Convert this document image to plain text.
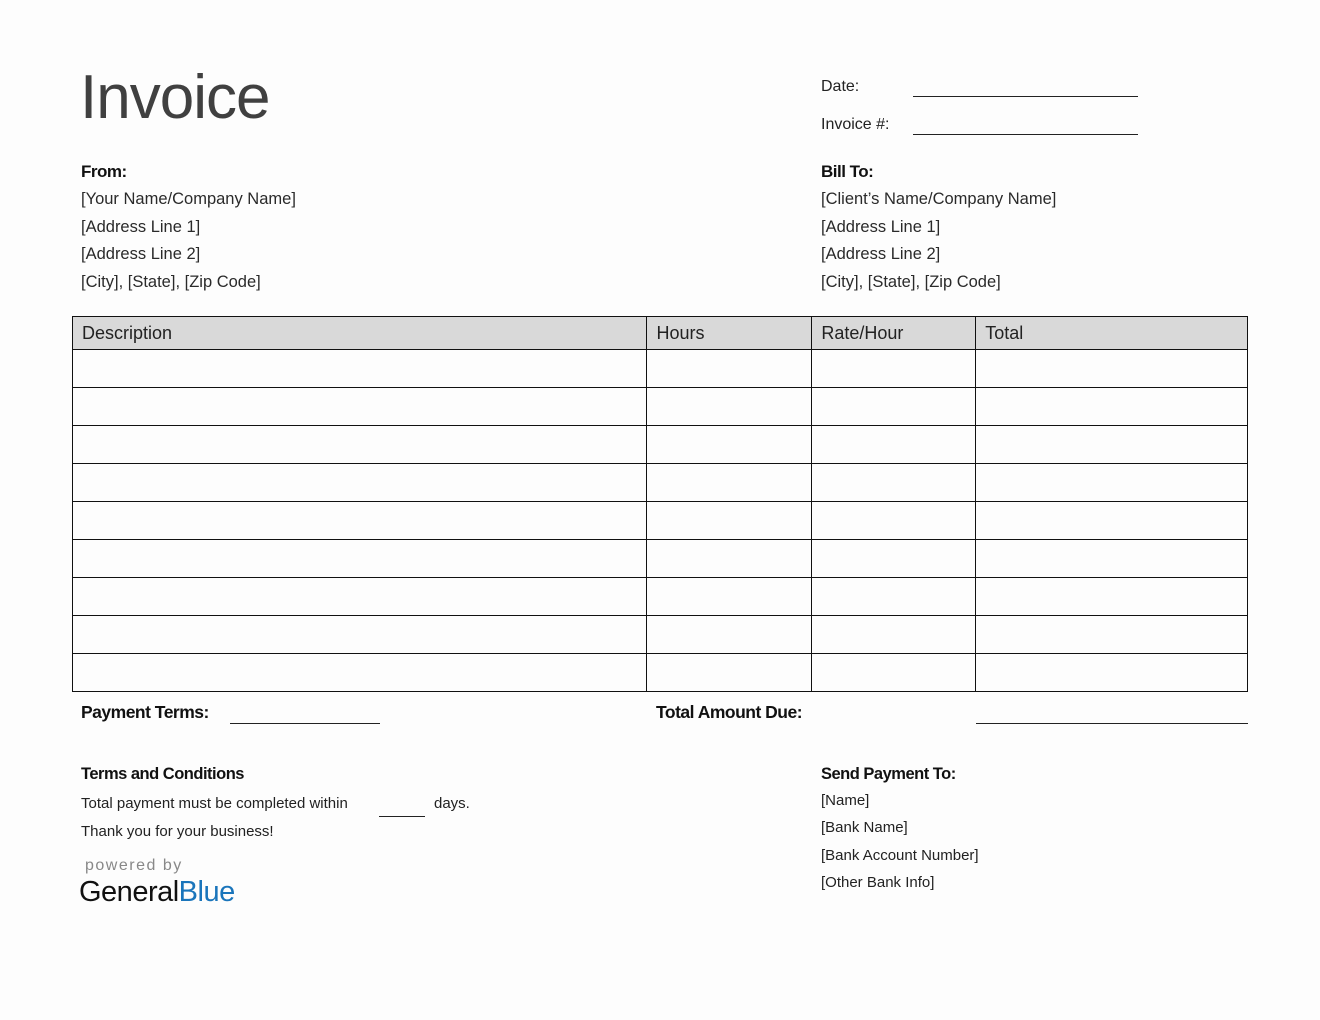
Invoice	Date:
Invoice #:
From:
[Your Name/Company Name]
[Address Line 1]
[Address Line 2]
[City], [State], [Zip Code]
Bill To:
[Client’s Name/Company Name]
[Address Line 1]
[Address Line 2]
[City], [State], [Zip Code]
Description	Hours	Rate/Hour	Total

Payment Terms:	Total Amount Due:
Terms and Conditions
Total payment must be completed within	days.
Thank you for your business!
powered by
GeneralBlue
Send Payment To:
[Name]
[Bank Name]
[Bank Account Number]
[Other Bank Info]
